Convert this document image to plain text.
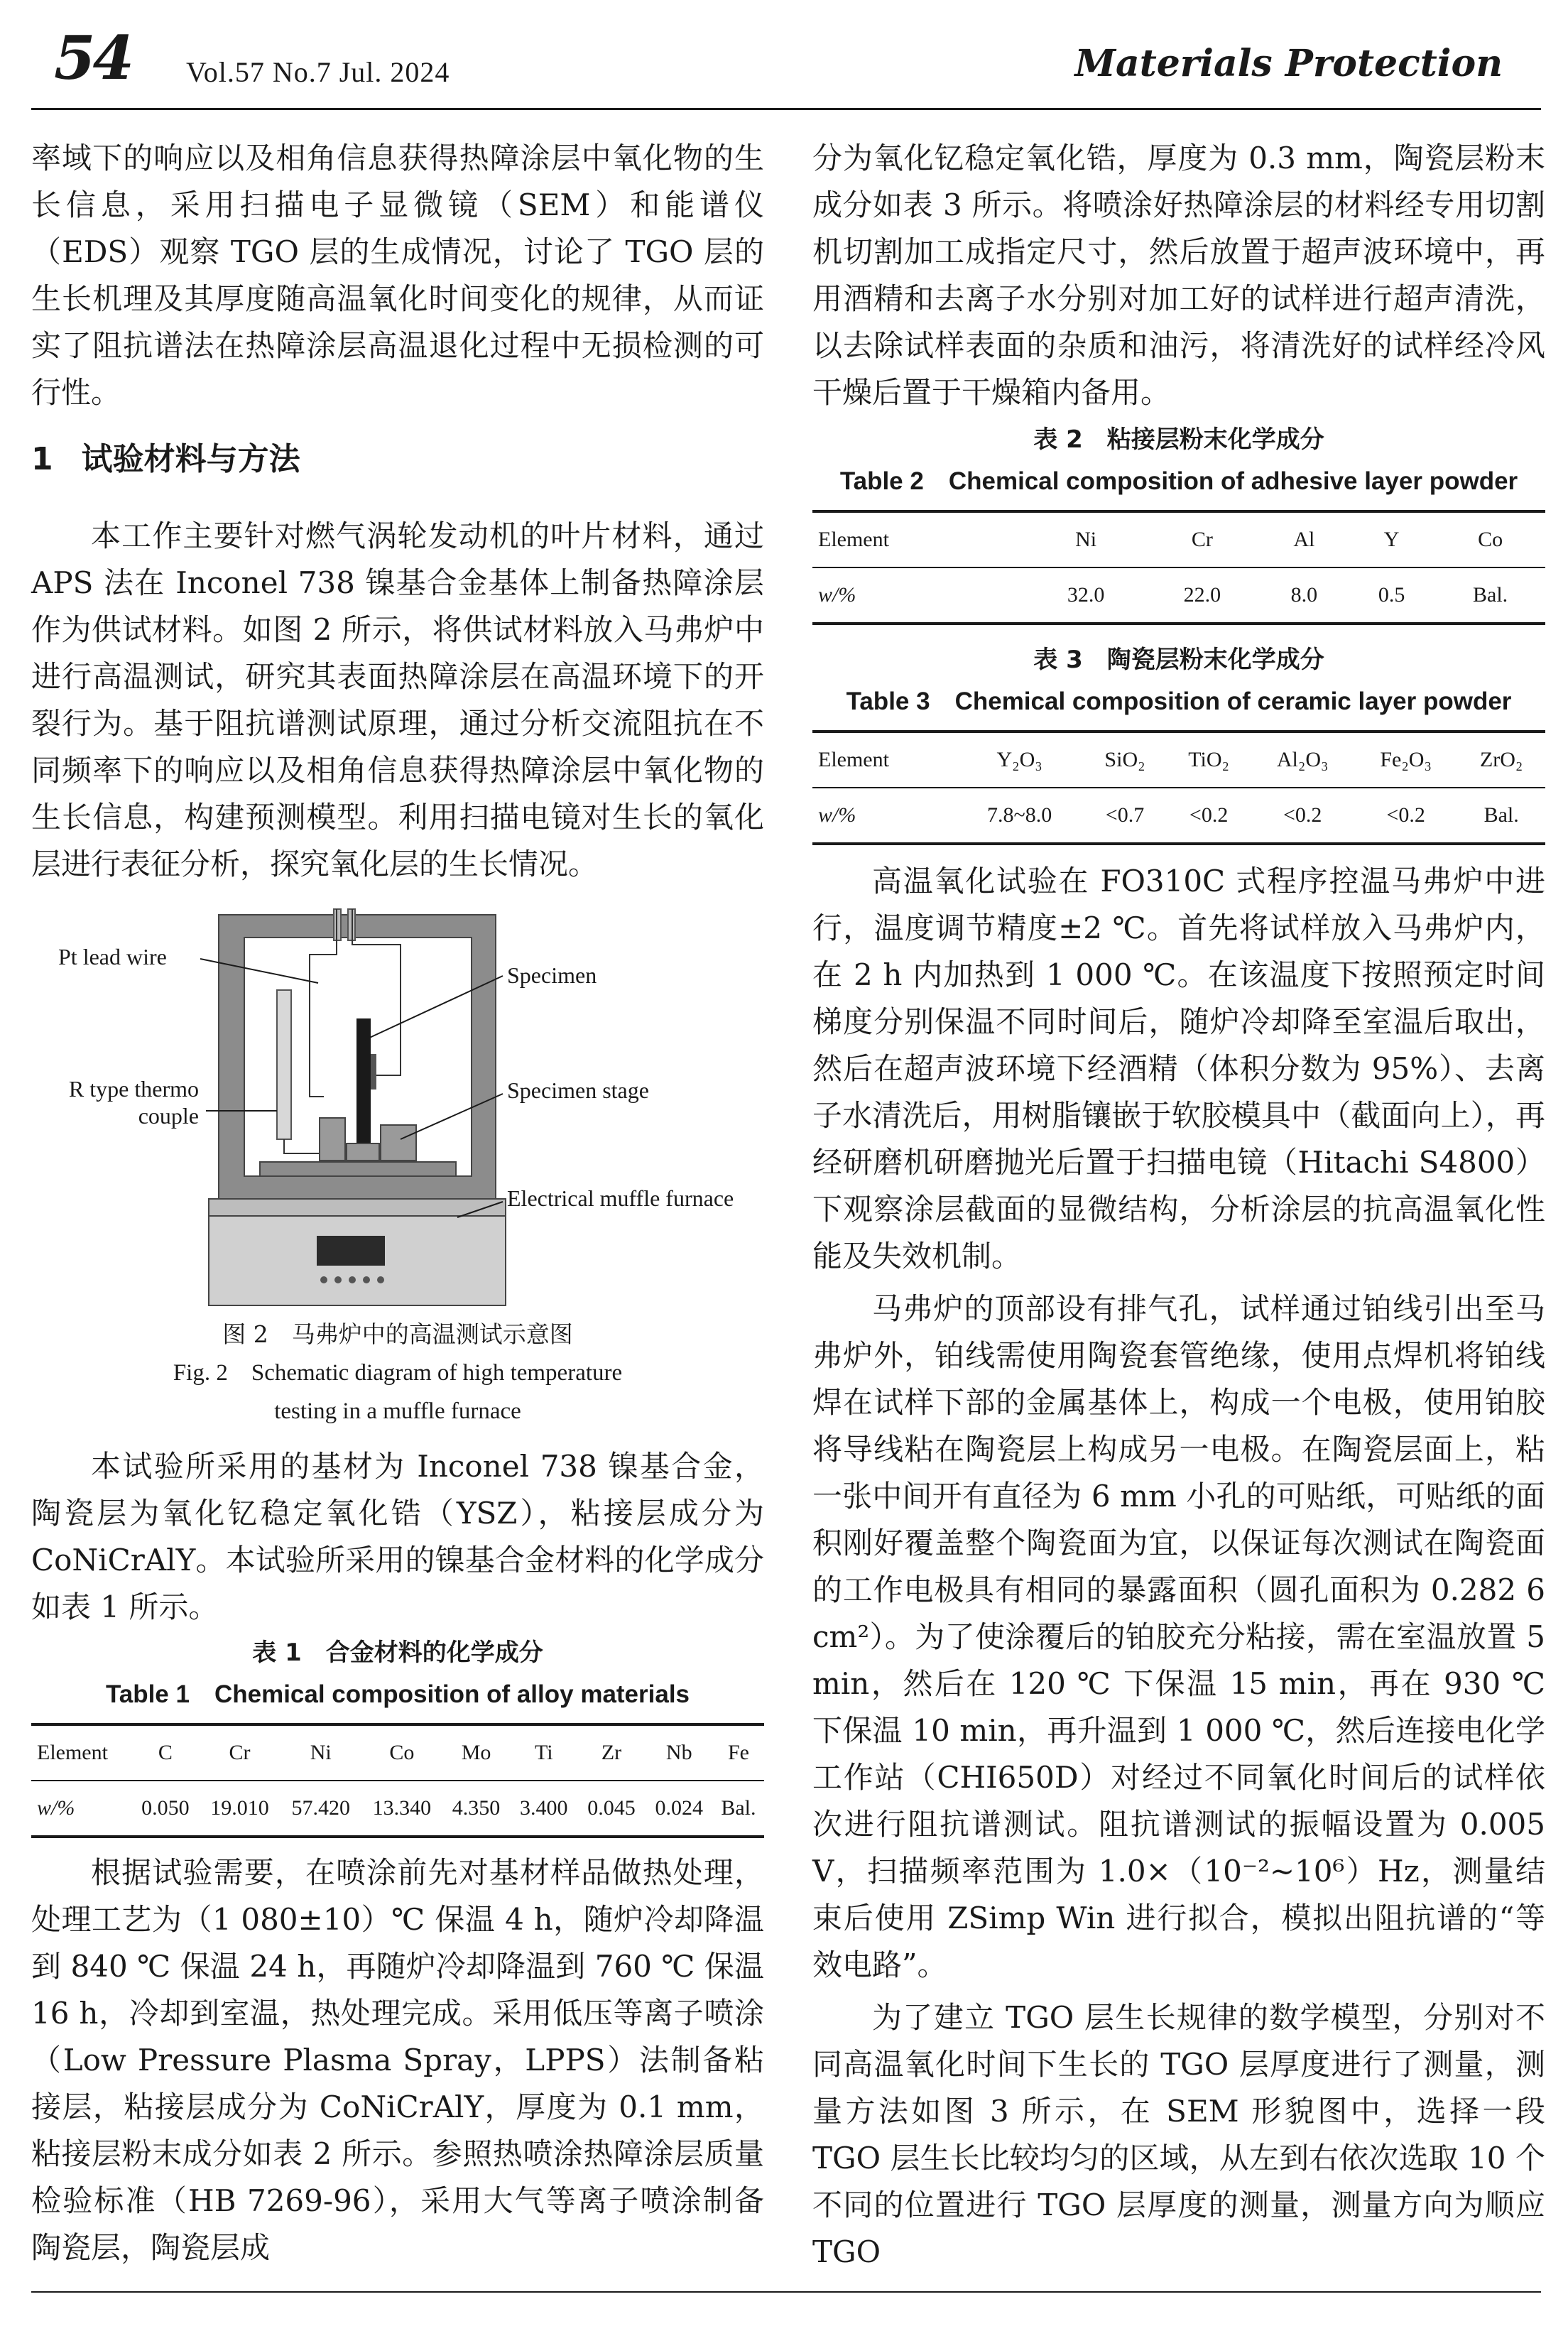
54 Vol.57 No.7 Jul. 2024	Materials Protection

率域下的响应以及相角信息获得热障涂层中氧化物的生长信息，采用扫描电子显微镜（SEM）和能谱仪（EDS）观察 TGO 层的生成情况，讨论了 TGO 层的生长机理及其厚度随高温氧化时间变化的规律，从而证实了阻抗谱法在热障涂层高温退化过程中无损检测的可行性。

1 试验材料与方法

本工作主要针对燃气涡轮发动机的叶片材料，通过 APS 法在 Inconel 738 镍基合金基体上制备热障涂层作为供试材料。如图 2 所示，将供试材料放入马弗炉中进行高温测试，研究其表面热障涂层在高温环境下的开裂行为。基于阻抗谱测试原理，通过分析交流阻抗在不同频率下的响应以及相角信息获得热障涂层中氧化物的生长信息，构建预测模型。利用扫描电镜对生长的氧化层进行表征分析，探究氧化层的生长情况。

Pt lead wire
R type thermo
couple
Specimen
Specimen stage
Electrical muffle furnace
图 2　马弗炉中的高温测试示意图
Fig. 2　Schematic diagram of high temperature
testing in a muffle furnace

本试验所采用的基材为 Inconel 738 镍基合金，陶瓷层为氧化钇稳定氧化锆（YSZ），粘接层成分为 CoNiCrAlY。本试验所采用的镍基合金材料的化学成分如表 1 所示。

表 1　合金材料的化学成分
Table 1　Chemical composition of alloy materials
Element	C	Cr	Ni	Co	Mo	Ti	Zr	Nb	Fe
w/%	0.050	19.010	57.420	13.340	4.350	3.400	0.045	0.024	Bal.

根据试验需要，在喷涂前先对基材样品做热处理，处理工艺为（1 080±10）℃ 保温 4 h，随炉冷却降温到 840 ℃ 保温 24 h，再随炉冷却降温到 760 ℃ 保温 16 h，冷却到室温，热处理完成。采用低压等离子喷涂（Low Pressure Plasma Spray，LPPS）法制备粘接层，粘接层成分为 CoNiCrAlY，厚度为 0.1 mm，粘接层粉末成分如表 2 所示。参照热喷涂热障涂层质量检验标准（HB 7269-96），采用大气等离子喷涂制备陶瓷层，陶瓷层成

分为氧化钇稳定氧化锆，厚度为 0.3 mm，陶瓷层粉末成分如表 3 所示。将喷涂好热障涂层的材料经专用切割机切割加工成指定尺寸，然后放置于超声波环境中，再用酒精和去离子水分别对加工好的试样进行超声清洗，以去除试样表面的杂质和油污，将清洗好的试样经冷风干燥后置于干燥箱内备用。

表 2　粘接层粉末化学成分
Table 2　Chemical composition of adhesive layer powder
Element	Ni	Cr	Al	Y	Co
w/%	32.0	22.0	8.0	0.5	Bal.
表 3　陶瓷层粉末化学成分
Table 3　Chemical composition of ceramic layer powder
Element	Y₂O₃	SiO₂	TiO₂	Al₂O₃	Fe₂O₃	ZrO₂
w/%	7.8~8.0	<0.7	<0.2	<0.2	<0.2	Bal.

高温氧化试验在 FO310C 式程序控温马弗炉中进行，温度调节精度±2 ℃。首先将试样放入马弗炉内，在 2 h 内加热到 1 000 ℃。在该温度下按照预定时间梯度分别保温不同时间后，随炉冷却降至室温后取出，然后在超声波环境下经酒精（体积分数为 95%）、去离子水清洗后，用树脂镶嵌于软胶模具中（截面向上），再经研磨机研磨抛光后置于扫描电镜（Hitachi S4800）下观察涂层截面的显微结构，分析涂层的抗高温氧化性能及失效机制。

马弗炉的顶部设有排气孔，试样通过铂线引出至马弗炉外，铂线需使用陶瓷套管绝缘，使用点焊机将铂线焊在试样下部的金属基体上，构成一个电极，使用铂胶将导线粘在陶瓷层上构成另一电极。在陶瓷层面上，粘一张中间开有直径为 6 mm 小孔的可贴纸，可贴纸的面积刚好覆盖整个陶瓷面为宜，以保证每次测试在陶瓷面的工作电极具有相同的暴露面积（圆孔面积为 0.282 6 cm²）。为了使涂覆后的铂胶充分粘接，需在室温放置 5 min，然后在 120 ℃ 下保温 15 min，再在 930 ℃ 下保温 10 min，再升温到 1 000 ℃，然后连接电化学工作站（CHI650D）对经过不同氧化时间后的试样依次进行阻抗谱测试。阻抗谱测试的振幅设置为 0.005 V，扫描频率范围为 1.0×（10⁻²~10⁶）Hz，测量结束后使用 ZSimp Win 进行拟合，模拟出阻抗谱的“等效电路”。

为了建立 TGO 层生长规律的数学模型，分别对不同高温氧化时间下生长的 TGO 层厚度进行了测量，测量方法如图 3 所示，在 SEM 形貌图中，选择一段 TGO 层生长比较均匀的区域，从左到右依次选取 10 个不同的位置进行 TGO 层厚度的测量，测量方向为顺应 TGO
